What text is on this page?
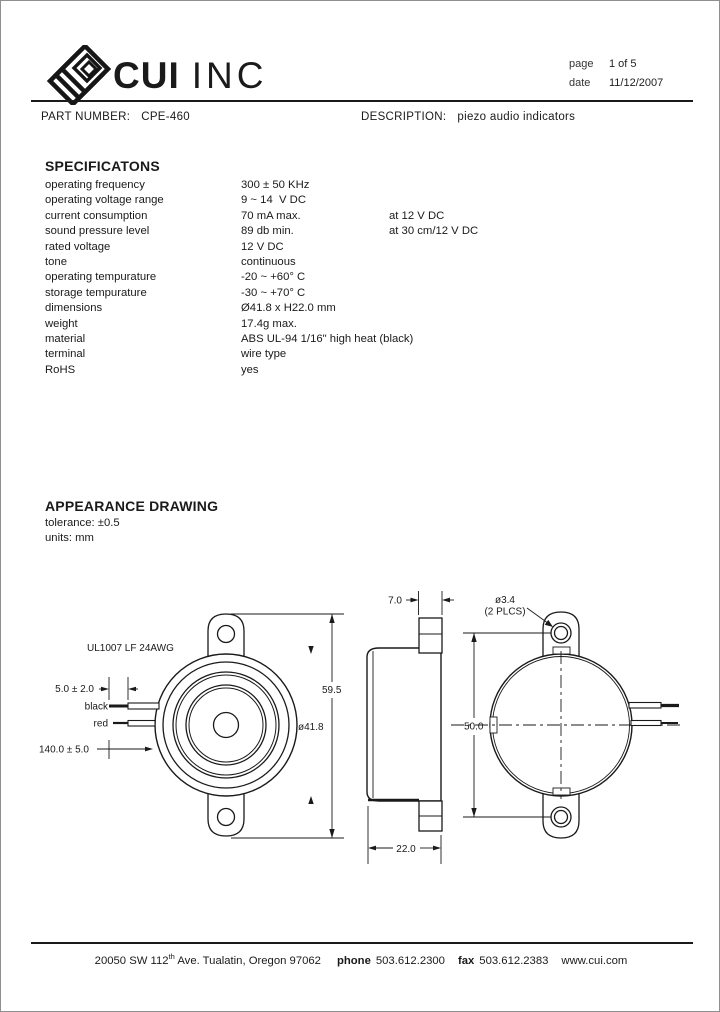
CUI INC	page 1 of 5
date 11/12/2007

PART NUMBER: CPE-460

	DESCRIPTION: piezo audio indicators

SPECIFICATONS
operating frequency	300 ± 50 KHz
operating voltage range	9 ~ 14  V DC
current consumption	70 mA max.	at 12 V DC
sound pressure level	89 db min.	at 30 cm/12 V DC
rated voltage	12 V DC
tone	continuous
operating tempurature	-20 ~ +60° C
storage tempurature	-30 ~ +70° C
dimensions	Ø41.8 x H22.0 mm
weight	17.4g max.
material	ABS UL-94 1/16" high heat (black)
terminal	wire type
RoHS	yes
APPEARANCE DRAWING
tolerance: ±0.5
units: mm
UL1007 LF 24AWG
5.0 ± 2.0
black
red
140.0 ± 5.0
59.5
ø41.8
7.0
22.0
ø3.4
(2 PLCS)
50.0
20050 SW 112th Ave. Tualatin, Oregon 97062 phone 503.612.2300 fax 503.612.2383 www.cui.com
